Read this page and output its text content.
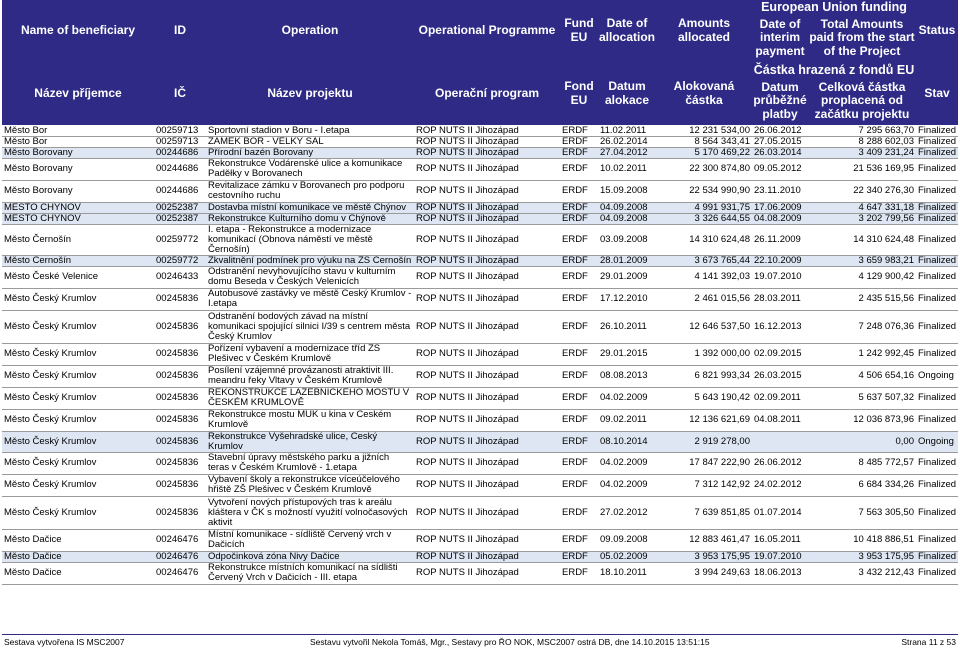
Name of beneficiary	ID	Operation	Operational Programme	Fund EU	Date of allocation	Amounts allocated	European Union funding		Status
							Date of interim payment	Total Amounts paid from the start of the Project	
Název příjemce	IČ	Název projektu	Operační program	Fond EU	Datum alokace	Alokovaná částka	Částka hrazená z fondů EU		Stav
							Datum průběžné platby	Celková částka proplacená od začátku projektu	
Město Bor	00259713	Sportovní stadion v Boru - I.etapa	ROP NUTS II Jihozápad	ERDF	11.02.2011	12 231 534,00	26.06.2012	7 295 663,70	Finalized
Město Bor	00259713	ZÁMEK BOR - VELKÝ SÁL	ROP NUTS II Jihozápad	ERDF	26.02.2014	8 564 343,41	27.05.2015	8 288 602,03	Finalized
Město Borovany	00244686	Přírodní bazén Borovany	ROP NUTS II Jihozápad	ERDF	27.04.2012	5 170 469,22	26.03.2014	3 409 231,24	Finalized
Město Borovany	00244686	Rekonstrukce Vodárenské ulice a komunikace Paděłky v Borovanech	ROP NUTS II Jihozápad	ERDF	10.02.2011	22 300 874,80	09.05.2012	21 536 169,95	Finalized
Město Borovany	00244686	Revitalizace zámku v Borovanech pro podporu cestovního ruchu	ROP NUTS II Jihozápad	ERDF	15.09.2008	22 534 990,90	23.11.2010	22 340 276,30	Finalized
MĚSTO CHÝNOV	00252387	Dostavba místní komunikace ve městě Chýnov	ROP NUTS II Jihozápad	ERDF	04.09.2008	4 991 931,75	17.06.2009	4 647 331,18	Finalized
MĚSTO CHÝNOV	00252387	Rekonstrukce Kulturního domu v Chýnově	ROP NUTS II Jihozápad	ERDF	04.09.2008	3 326 644,55	04.08.2009	3 202 799,56	Finalized
Město Černošín	00259772	I. etapa - Rekonstrukce a modernizace komunikací (Obnova náměstí ve městě Černošín)	ROP NUTS II Jihozápad	ERDF	03.09.2008	14 310 624,48	26.11.2009	14 310 624,48	Finalized
Město Černošín	00259772	Zkvalitnění podmínek pro výuku na ZŠ Černošín	ROP NUTS II Jihozápad	ERDF	28.01.2009	3 673 765,44	22.10.2009	3 659 983,21	Finalized
Město České Velenice	00246433	Odstranění nevyhovujícího stavu v kulturním domu Beseda v Českých Velenicích	ROP NUTS II Jihozápad	ERDF	29.01.2009	4 141 392,03	19.07.2010	4 129 900,42	Finalized
Město Český Krumlov	00245836	Autobusové zastávky ve městě Český Krumlov - I.etapa	ROP NUTS II Jihozápad	ERDF	17.12.2010	2 461 015,56	28.03.2011	2 435 515,56	Finalized
Město Český Krumlov	00245836	Odstranění bodových závad na místní komunikaci spojující silnici I/39 s centrem města Český Krumlov	ROP NUTS II Jihozápad	ERDF	26.10.2011	12 646 537,50	16.12.2013	7 248 076,36	Finalized
Město Český Krumlov	00245836	Pořízení vybavení a modernizace tříd ZŠ Plešivec v Českém Krumlově	ROP NUTS II Jihozápad	ERDF	29.01.2015	1 392 000,00	02.09.2015	1 242 992,45	Finalized
Město Český Krumlov	00245836	Posílení vzájemné provázanosti atraktivit III. meandru řeky Vltavy v Českém Krumlově	ROP NUTS II Jihozápad	ERDF	08.08.2013	6 821 993,34	26.03.2015	4 506 654,16	Ongoing
Město Český Krumlov	00245836	REKONSTRUKCE LAZEBNICKÉHO MOSTU V ČESKÉM KRUMLOVĚ	ROP NUTS II Jihozápad	ERDF	04.02.2009	5 643 190,42	02.09.2011	5 637 507,32	Finalized
Město Český Krumlov	00245836	Rekonstrukce mostu MÚK u kina v Českém Krumlově	ROP NUTS II Jihozápad	ERDF	09.02.2011	12 136 621,69	04.08.2011	12 036 873,96	Finalized
Město Český Krumlov	00245836	Rekonstrukce Vyšehradské ulice, Český Krumlov	ROP NUTS II Jihozápad	ERDF	08.10.2014	2 919 278,00		0,00	Ongoing
Město Český Krumlov	00245836	Stavební úpravy městského parku a jižních teras v Českém Krumlově - 1.etapa	ROP NUTS II Jihozápad	ERDF	04.02.2009	17 847 222,90	26.06.2012	8 485 772,57	Finalized
Město Český Krumlov	00245836	Vybavení školy a rekonstrukce víceúčelového hřiště ZŠ Plešivec v Českém Krumlově	ROP NUTS II Jihozápad	ERDF	04.02.2009	7 312 142,92	24.02.2012	6 684 334,26	Finalized
Město Český Krumlov	00245836	Vytvoření nových přístupových tras k areálu kláštera v ČK s možností využití volnočasových aktivit	ROP NUTS II Jihozápad	ERDF	27.02.2012	7 639 851,85	01.07.2014	7 563 305,50	Finalized
Město Dačice	00246476	Místní komunikace - sídliště Červený vrch v Dačicích	ROP NUTS II Jihozápad	ERDF	09.09.2008	12 883 461,47	16.05.2011	10 418 886,51	Finalized
Město Dačice	00246476	Odpočinková zóna Nivy Dačice	ROP NUTS II Jihozápad	ERDF	05.02.2009	3 953 175,95	19.07.2010	3 953 175,95	Finalized
Město Dačice	00246476	Rekonstrukce místních komunikací na sídlišti Červený Vrch v Dačicích - III. etapa	ROP NUTS II Jihozápad	ERDF	18.10.2011	3 994 249,63	18.06.2013	3 432 212,43	Finalized
Sestava vytvořena IS MSC2007	Sestavu vytvořil Nekola Tomáš, Mgr., Sestavy pro ŘO NOK, MSC2007 ostrá DB, dne 14.10.2015 13:51:15	Strana 11 z 53
